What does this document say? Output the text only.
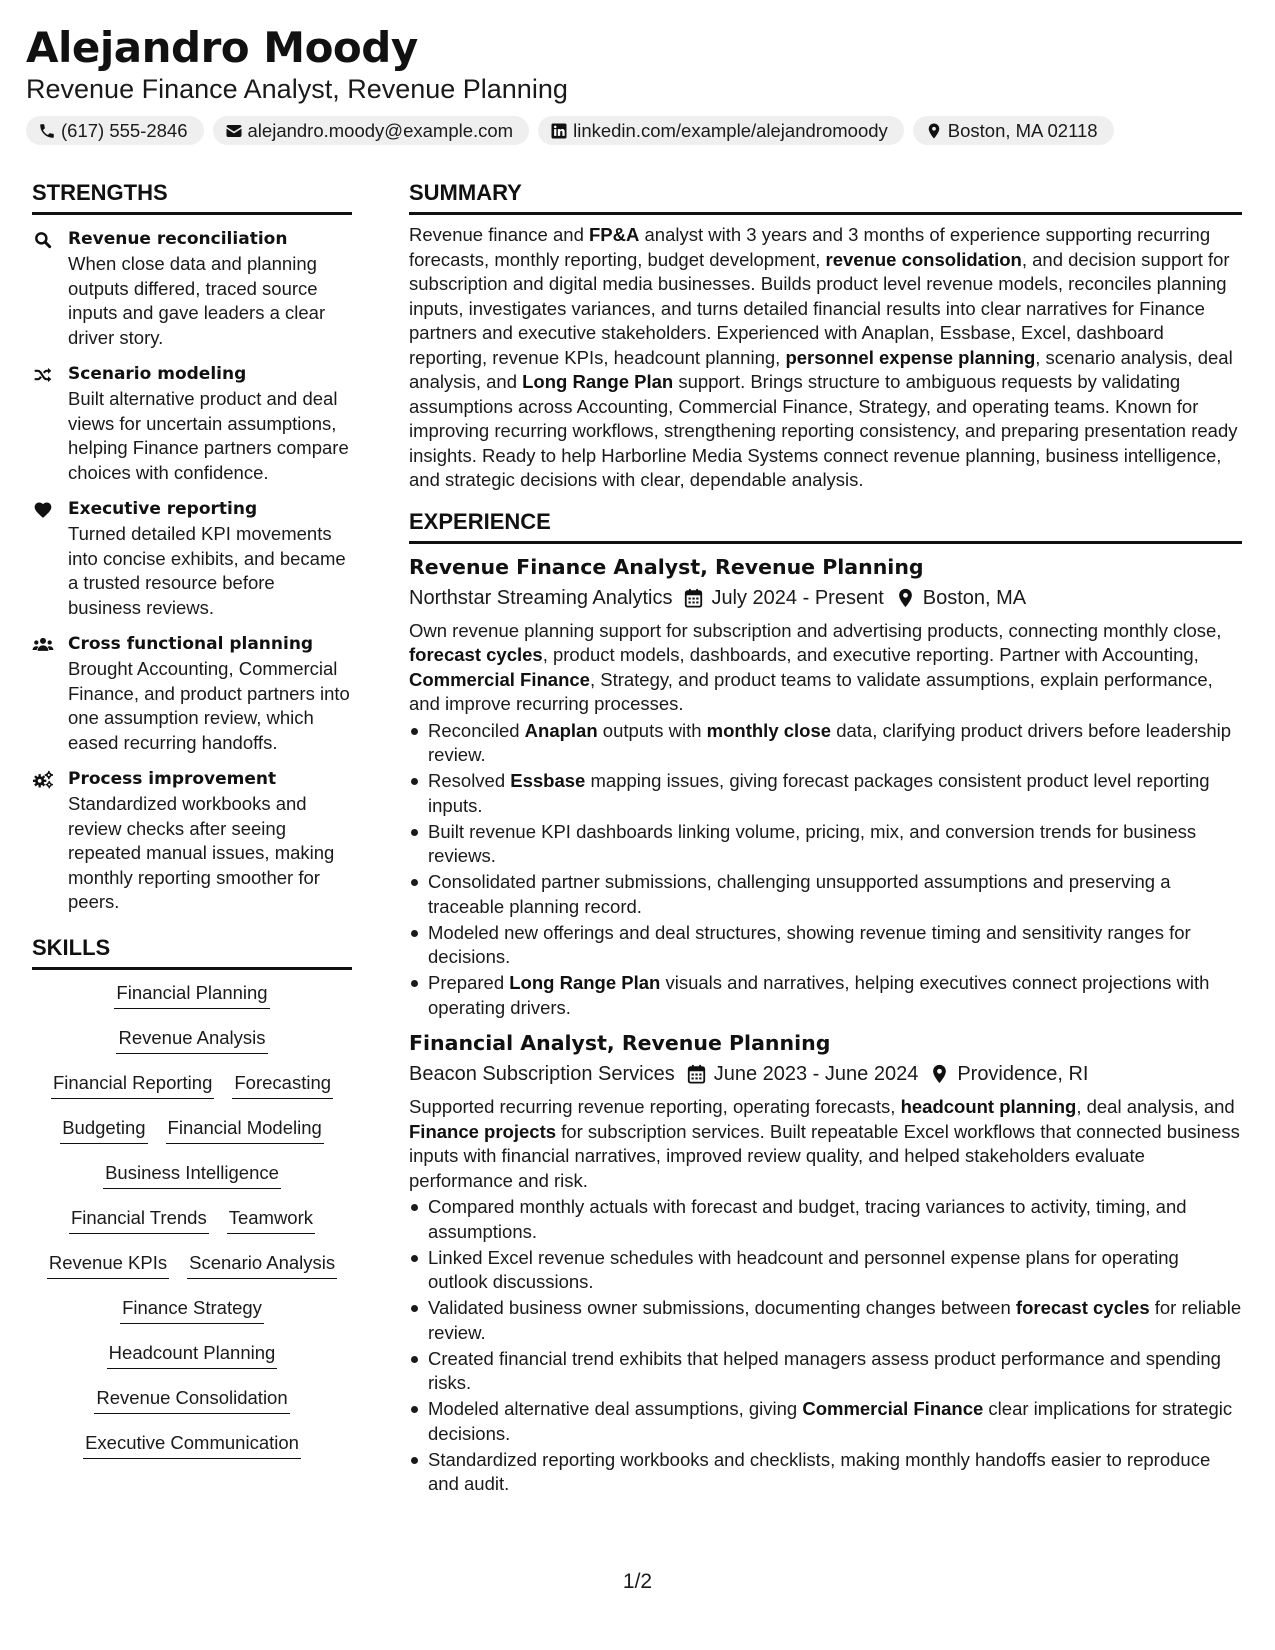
Alejandro Moody
Revenue Finance Analyst, Revenue Planning
(617) 555-2846	alejandro.moody@example.com	linkedin.com/example/alejandromoody	Boston, MA 02118
STRENGTHS
Revenue reconciliation
When close data and planning outputs differed, traced source inputs and gave leaders a clear driver story.
Scenario modeling
Built alternative product and deal views for uncertain assumptions, helping Finance partners compare choices with confidence.
Executive reporting
Turned detailed KPI movements into concise exhibits, and became a trusted resource before business reviews.
Cross functional planning
Brought Accounting, Commercial Finance, and product partners into one assumption review, which eased recurring handoffs.
Process improvement
Standardized workbooks and review checks after seeing repeated manual issues, making monthly reporting smoother for peers.
SKILLS
Financial Planning
Revenue Analysis
Financial Reporting Forecasting
Budgeting Financial Modeling
Business Intelligence
Financial Trends Teamwork
Revenue KPIs Scenario Analysis
Finance Strategy
Headcount Planning
Revenue Consolidation
Executive Communication
SUMMARY
Revenue finance and FP&A analyst with 3 years and 3 months of experience supporting recurring forecasts, monthly reporting, budget development, revenue consolidation, and decision support for subscription and digital media businesses. Builds product level revenue models, reconciles planning inputs, investigates variances, and turns detailed financial results into clear narratives for Finance partners and executive stakeholders. Experienced with Anaplan, Essbase, Excel, dashboard reporting, revenue KPIs, headcount planning, personnel expense planning, scenario analysis, deal analysis, and Long Range Plan support. Brings structure to ambiguous requests by validating assumptions across Accounting, Commercial Finance, Strategy, and operating teams. Known for improving recurring workflows, strengthening reporting consistency, and preparing presentation ready insights. Ready to help Harborline Media Systems connect revenue planning, business intelligence, and strategic decisions with clear, dependable analysis.
EXPERIENCE
Revenue Finance Analyst, Revenue Planning
Northstar Streaming Analytics July 2024 - Present Boston, MA
Own revenue planning support for subscription and advertising products, connecting monthly close, forecast cycles, product models, dashboards, and executive reporting. Partner with Accounting, Commercial Finance, Strategy, and product teams to validate assumptions, explain performance, and improve recurring processes.
Reconciled Anaplan outputs with monthly close data, clarifying product drivers before leadership review.
Resolved Essbase mapping issues, giving forecast packages consistent product level reporting inputs.
Built revenue KPI dashboards linking volume, pricing, mix, and conversion trends for business reviews.
Consolidated partner submissions, challenging unsupported assumptions and preserving a traceable planning record.
Modeled new offerings and deal structures, showing revenue timing and sensitivity ranges for decisions.
Prepared Long Range Plan visuals and narratives, helping executives connect projections with operating drivers.
Financial Analyst, Revenue Planning
Beacon Subscription Services June 2023 - June 2024 Providence, RI
Supported recurring revenue reporting, operating forecasts, headcount planning, deal analysis, and Finance projects for subscription services. Built repeatable Excel workflows that connected business inputs with financial narratives, improved review quality, and helped stakeholders evaluate performance and risk.
Compared monthly actuals with forecast and budget, tracing variances to activity, timing, and assumptions.
Linked Excel revenue schedules with headcount and personnel expense plans for operating outlook discussions.
Validated business owner submissions, documenting changes between forecast cycles for reliable review.
Created financial trend exhibits that helped managers assess product performance and spending risks.
Modeled alternative deal assumptions, giving Commercial Finance clear implications for strategic decisions.
Standardized reporting workbooks and checklists, making monthly handoffs easier to reproduce and audit.
1/2
